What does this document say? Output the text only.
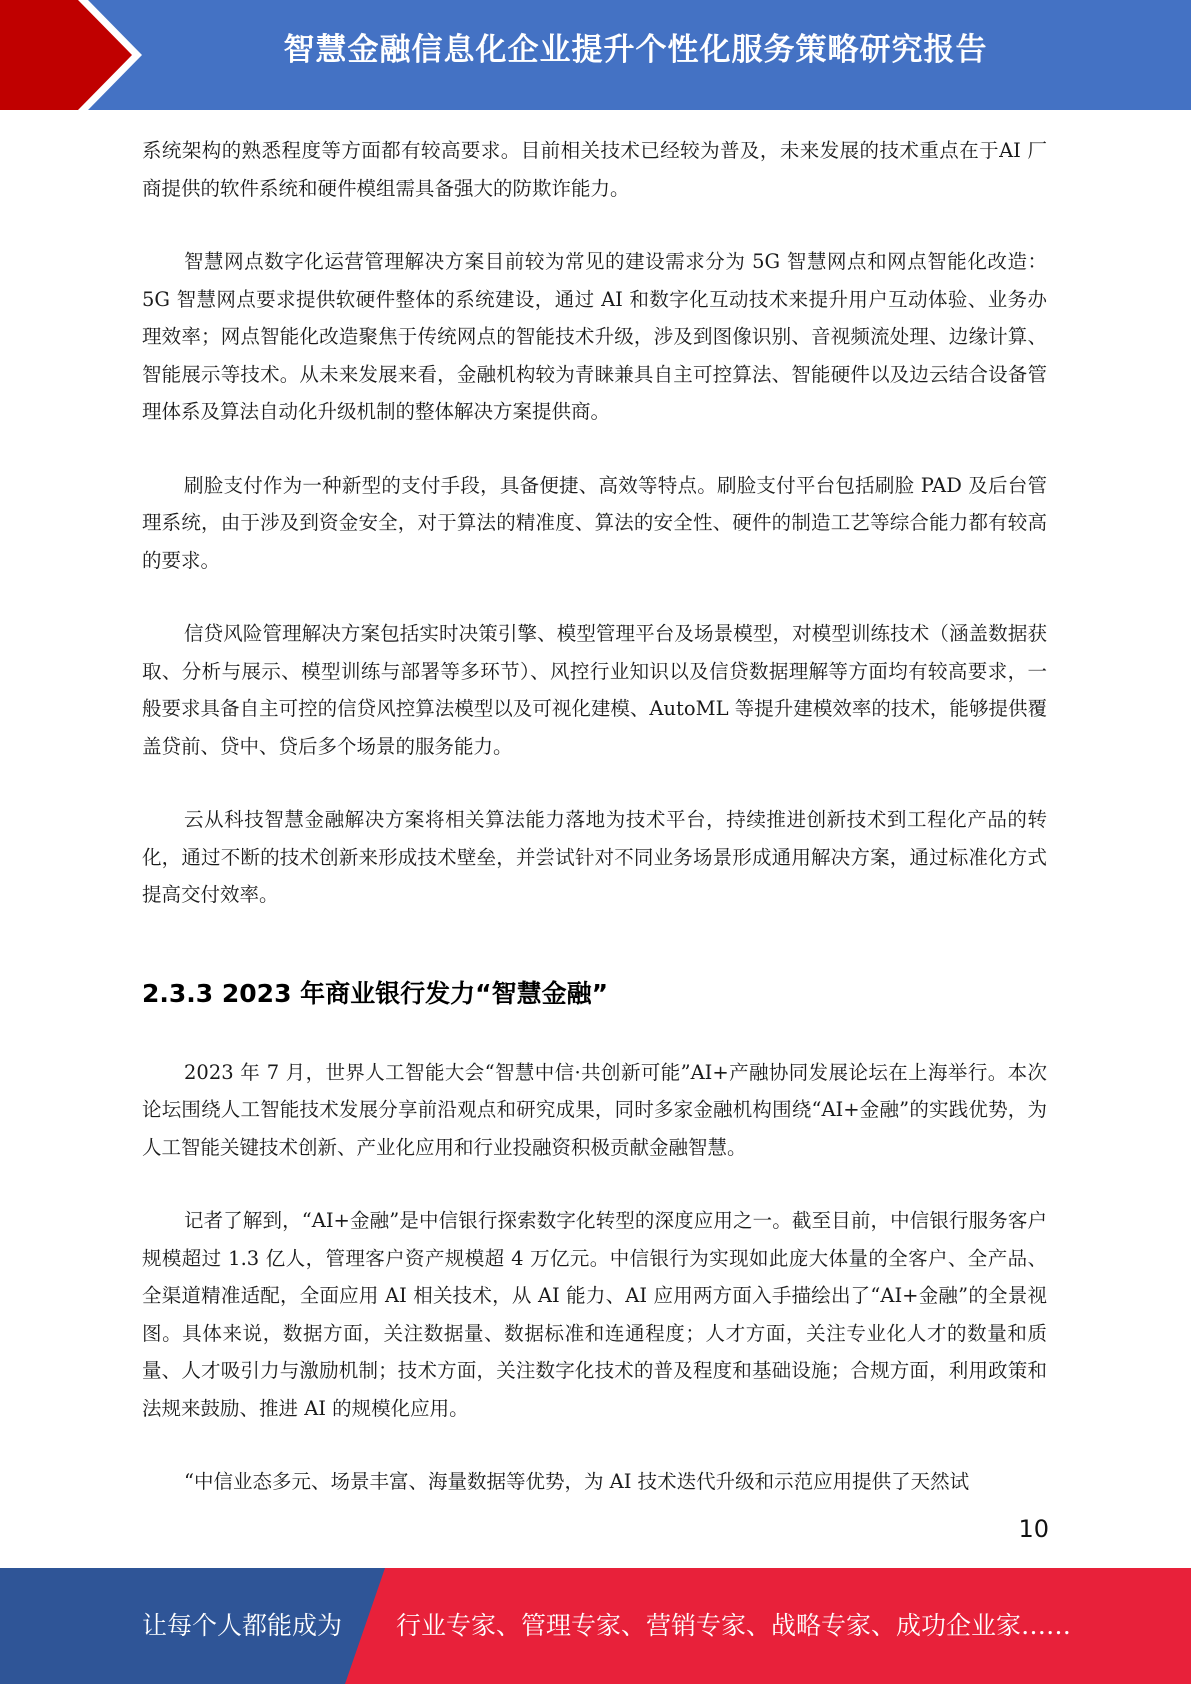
智慧金融信息化企业提升个性化服务策略研究报告

系统架构的熟悉程度等方面都有较高要求。目前相关技术已经较为普及，未来发展的技术重点在于AI 厂商提供的软件系统和硬件模组需具备强大的防欺诈能力。

智慧网点数字化运营管理解决方案目前较为常见的建设需求分为 5G 智慧网点和网点智能化改造：5G 智慧网点要求提供软硬件整体的系统建设，通过 AI 和数字化互动技术来提升用户互动体验、业务办理效率；网点智能化改造聚焦于传统网点的智能技术升级，涉及到图像识别、音视频流处理、边缘计算、智能展示等技术。从未来发展来看，金融机构较为青睐兼具自主可控算法、智能硬件以及边云结合设备管理体系及算法自动化升级机制的整体解决方案提供商。

刷脸支付作为一种新型的支付手段，具备便捷、高效等特点。刷脸支付平台包括刷脸 PAD 及后台管理系统，由于涉及到资金安全，对于算法的精准度、算法的安全性、硬件的制造工艺等综合能力都有较高的要求。

信贷风险管理解决方案包括实时决策引擎、模型管理平台及场景模型，对模型训练技术（涵盖数据获取、分析与展示、模型训练与部署等多环节）、风控行业知识以及信贷数据理解等方面均有较高要求，一般要求具备自主可控的信贷风控算法模型以及可视化建模、AutoML 等提升建模效率的技术，能够提供覆盖贷前、贷中、贷后多个场景的服务能力。

云从科技智慧金融解决方案将相关算法能力落地为技术平台，持续推进创新技术到工程化产品的转化，通过不断的技术创新来形成技术壁垒，并尝试针对不同业务场景形成通用解决方案，通过标准化方式提高交付效率。

2.3.3 2023 年商业银行发力“智慧金融”

2023 年 7 月，世界人工智能大会“智慧中信·共创新可能”AI+产融协同发展论坛在上海举行。本次论坛围绕人工智能技术发展分享前沿观点和研究成果，同时多家金融机构围绕“AI+金融”的实践优势，为人工智能关键技术创新、产业化应用和行业投融资积极贡献金融智慧。

记者了解到，“AI+金融”是中信银行探索数字化转型的深度应用之一。截至目前，中信银行服务客户规模超过 1.3 亿人，管理客户资产规模超 4 万亿元。中信银行为实现如此庞大体量的全客户、全产品、全渠道精准适配，全面应用 AI 相关技术，从 AI 能力、AI 应用两方面入手描绘出了“AI+金融”的全景视图。具体来说，数据方面，关注数据量、数据标准和连通程度；人才方面，关注专业化人才的数量和质量、人才吸引力与激励机制；技术方面，关注数字化技术的普及程度和基础设施；合规方面，利用政策和法规来鼓励、推进 AI 的规模化应用。

“中信业态多元、场景丰富、海量数据等优势，为 AI 技术迭代升级和示范应用提供了天然试

10
让每个人都能成为 行业专家、管理专家、营销专家、战略专家、成功企业家……
